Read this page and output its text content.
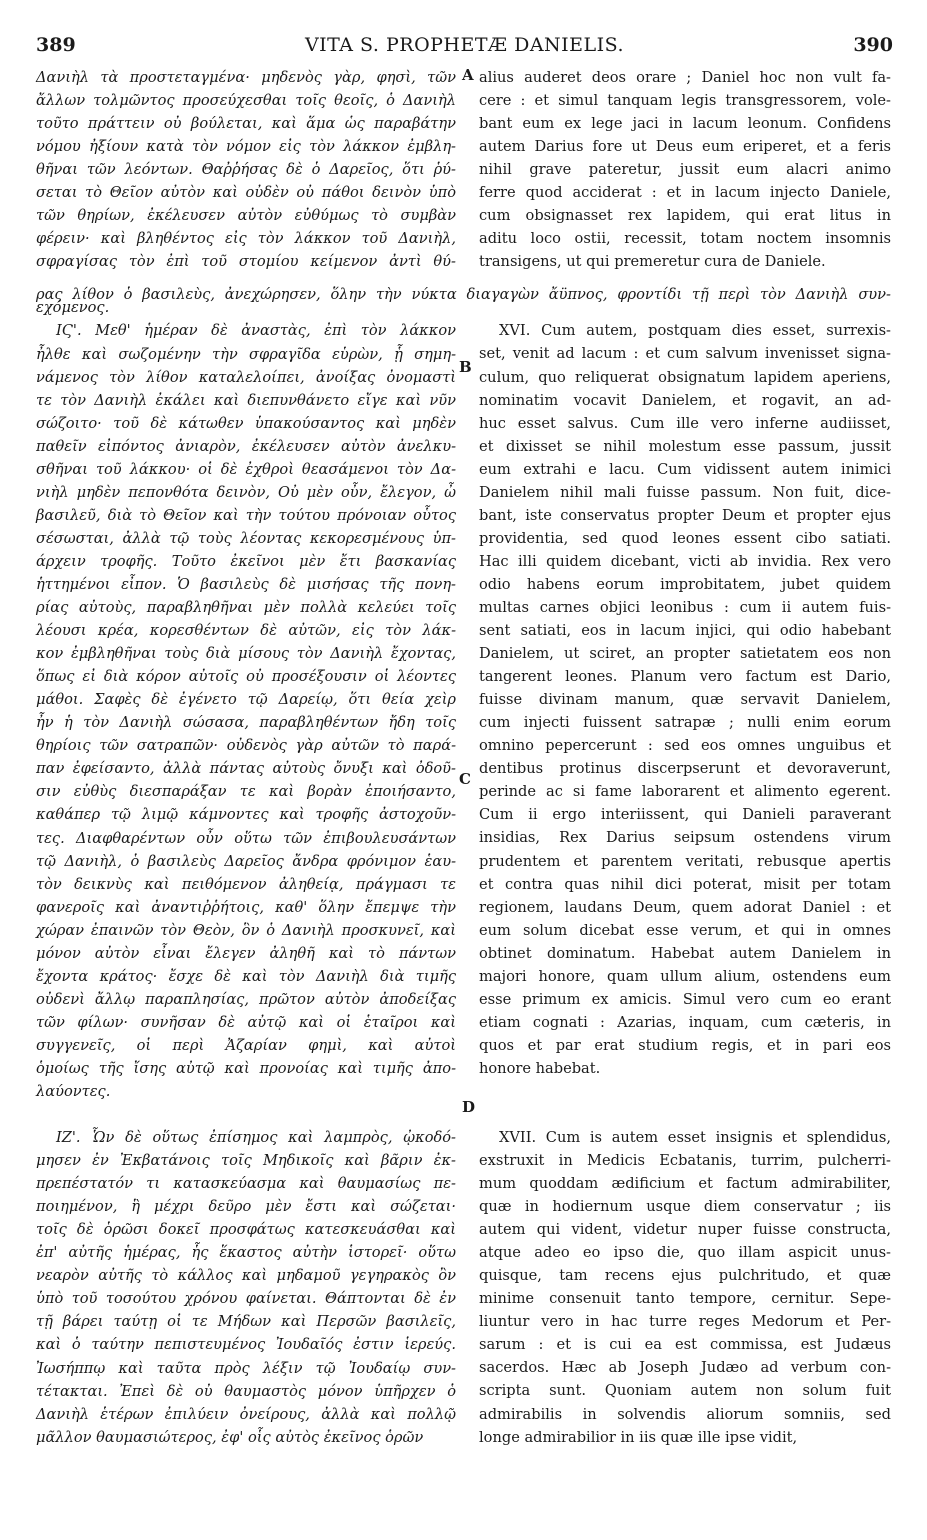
389	VITA S. PROPHETÆ DANIELIS.	390
Δανιὴλ τὰ προστεταγμένα· μηδενὸς γὰρ, φησὶ, τῶν
ἄλλων τολμῶντος προσεύχεσθαι τοῖς θεοῖς, ὁ Δανιὴλ
τοῦτο πράττειν οὐ βούλεται, καὶ ἅμα ὡς παραβάτην
νόμου ἠξίουν κατὰ τὸν νόμον εἰς τὸν λάκκον ἐμβλη-
θῆναι τῶν λεόντων. Θαῤῥήσας δὲ ὁ Δαρεῖος, ὅτι ῥύ-
σεται τὸ Θεῖον αὐτὸν καὶ οὐδὲν οὐ πάθοι δεινὸν ὑπὸ
τῶν θηρίων, ἐκέλευσεν αὐτὸν εὐθύμως τὸ συμβὰν
φέρειν· καὶ βληθέντος εἰς τὸν λάκκον τοῦ Δανιὴλ,
σφραγίσας τὸν ἐπὶ τοῦ στομίου κείμενον ἀντὶ θύ-
εχόμενος.
ΙϚ'. Μεθ' ἡμέραν δὲ ἀναστὰς, ἐπὶ τὸν λάκκον
ἦλθε καὶ σωζομένην τὴν σφραγῖδα εὑρὼν, ᾗ σημη-
νάμενος τὸν λίθον καταλελοίπει, ἀνοίξας ὀνομαστὶ
τε τὸν Δανιὴλ ἐκάλει καὶ διεπυνθάνετο εἴγε καὶ νῦν
σώζοιτο· τοῦ δὲ κάτωθεν ὑπακούσαντος καὶ μηδὲν
παθεῖν εἰπόντος ἀνιαρὸν, ἐκέλευσεν αὐτὸν ἀνελκυ-
σθῆναι τοῦ λάκκου· οἱ δὲ ἐχθροὶ θεασάμενοι τὸν Δα-
νιὴλ μηδὲν πεπονθότα δεινὸν, Οὐ μὲν οὖν, ἔλεγον, ὦ
βασιλεῦ, διὰ τὸ Θεῖον καὶ τὴν τούτου πρόνοιαν οὗτος
σέσωσται, ἀλλὰ τῷ τοὺς λέοντας κεκορεσμένους ὑπ-
άρχειν τροφῆς. Τοῦτο ἐκεῖνοι μὲν ἔτι βασκανίας
ἡττημένοι εἶπον. Ὁ βασιλεὺς δὲ μισήσας τῆς πονη-
ρίας αὐτοὺς, παραβληθῆναι μὲν πολλὰ κελεύει τοῖς
λέουσι κρέα, κορεσθέντων δὲ αὐτῶν, εἰς τὸν λάκ-
κον ἐμβληθῆναι τοὺς διὰ μίσους τὸν Δανιὴλ ἔχοντας,
ὅπως εἰ διὰ κόρον αὐτοῖς οὐ προσέξουσιν οἱ λέοντες
μάθοι. Σαφὲς δὲ ἐγένετο τῷ Δαρείῳ, ὅτι θεία χεὶρ
ἦν ἡ τὸν Δανιὴλ σώσασα, παραβληθέντων ἤδη τοῖς
θηρίοις τῶν σατραπῶν· οὐδενὸς γὰρ αὐτῶν τὸ παρά-
παν ἐφείσαντο, ἀλλὰ πάντας αὐτοὺς ὄνυξι καὶ ὀδοῦ-
σιν εὐθὺς διεσπαράξαν τε καὶ βορὰν ἐποιήσαντο,
καθάπερ τῷ λιμῷ κάμνοντες καὶ τροφῆς ἀστοχοῦν-
τες. Διαφθαρέντων οὖν οὕτω τῶν ἐπιβουλευσάντων
τῷ Δανιὴλ, ὁ βασιλεὺς Δαρεῖος ἄνδρα φρόνιμον ἑαυ-
τὸν δεικνὺς καὶ πειθόμενον ἀληθείᾳ, πράγμασι τε
φανεροῖς καὶ ἀναντιῤῥήτοις, καθ' ὅλην ἔπεμψε τὴν
χώραν ἐπαινῶν τὸν Θεὸν, ὃν ὁ Δανιὴλ προσκυνεῖ, καὶ
μόνον αὐτὸν εἶναι ἔλεγεν ἀληθῆ καὶ τὸ πάντων
ἔχοντα κράτος· ἔσχε δὲ καὶ τὸν Δανιὴλ διὰ τιμῆς
οὐδενὶ ἄλλῳ παραπλησίας, πρῶτον αὐτὸν ἀποδείξας
τῶν φίλων· συνῆσαν δὲ αὐτῷ καὶ οἱ ἑταῖροι καὶ
συγγενεῖς, οἱ περὶ Ἀζαρίαν φημὶ, καὶ αὐτοὶ
ὁμοίως τῆς ἴσης αὐτῷ καὶ προνοίας καὶ τιμῆς ἀπο-
λαύοντες.
ΙΖ'. Ὧν δὲ οὕτως ἐπίσημος καὶ λαμπρὸς, ᾠκοδό-
μησεν ἐν Ἐκβατάνοις τοῖς Μηδικοῖς καὶ βᾶριν ἐκ-
πρεπέστατόν τι κατασκεύασμα καὶ θαυμασίως πε-
ποιημένον, ἣ μέχρι δεῦρο μὲν ἔστι καὶ σώζεται·
τοῖς δὲ ὁρῶσι δοκεῖ προσφάτως κατεσκευάσθαι καὶ
ἐπ' αὐτῆς ἡμέρας, ἧς ἕκαστος αὐτὴν ἱστορεῖ· οὕτω
νεαρὸν αὐτῆς τὸ κάλλος καὶ μηδαμοῦ γεγηρακὸς ὂν
ὑπὸ τοῦ τοσούτου χρόνου φαίνεται. Θάπτονται δὲ ἐν
τῇ βάρει ταύτῃ οἱ τε Μήδων καὶ Περσῶν βασιλεῖς,
καὶ ὁ ταύτην πεπιστευμένος Ἰουδαῖός ἐστιν ἱερεύς.
Ἰωσήππῳ καὶ ταῦτα πρὸς λέξιν τῷ Ἰουδαίῳ συν-
τέτακται. Ἐπεὶ δὲ οὐ θαυμαστὸς μόνον ὑπῆρχεν ὁ
Δανιὴλ ἑτέρων ἐπιλύειν ὀνείρους, ἀλλὰ καὶ πολλῷ
μᾶλλον θαυμασιώτερος, ἐφ' οἷς αὐτὸς ἐκεῖνος ὁρῶν
ρας λίθον ὁ βασιλεὺς, ἀνεχώρησεν, ὅλην τὴν νύκτα διαγαγὼν ἄϋπνος, φροντίδι τῇ περὶ τὸν Δανιὴλ συν-
alius auderet deos orare ; Daniel hoc non vult fa-
cere : et simul tanquam legis transgressorem, vole-
bant eum ex lege jaci in lacum leonum. Confidens
autem Darius fore ut Deus eum eriperet, et a feris
nihil grave pateretur, jussit eum alacri animo
ferre quod acciderat : et in lacum injecto Daniele,
cum obsignasset rex lapidem, qui erat litus in
aditu loco ostii, recessit, totam noctem insomnis
transigens, ut qui premeretur cura de Daniele.
XVI. Cum autem, postquam dies esset, surrexis-
set, venit ad lacum : et cum salvum invenisset signa-
culum, quo reliquerat obsignatum lapidem aperiens,
nominatim vocavit Danielem, et rogavit, an ad-
huc esset salvus. Cum ille vero inferne audiisset,
et dixisset se nihil molestum esse passum, jussit
eum extrahi e lacu. Cum vidissent autem inimici
Danielem nihil mali fuisse passum. Non fuit, dice-
bant, iste conservatus propter Deum et propter ejus
providentia, sed quod leones essent cibo satiati.
Hac illi quidem dicebant, victi ab invidia. Rex vero
odio habens eorum improbitatem, jubet quidem
multas carnes objici leonibus : cum ii autem fuis-
sent satiati, eos in lacum injici, qui odio habebant
Danielem, ut sciret, an propter satietatem eos non
tangerent leones. Planum vero factum est Dario,
fuisse divinam manum, quæ servavit Danielem,
cum injecti fuissent satrapæ ; nulli enim eorum
omnino pepercerunt : sed eos omnes unguibus et
dentibus protinus discerpserunt et devoraverunt,
perinde ac si fame laborarent et alimento egerent.
Cum ii ergo interiissent, qui Danieli paraverant
insidias, Rex Darius seipsum ostendens virum
prudentem et parentem veritati, rebusque apertis
et contra quas nihil dici poterat, misit per totam
regionem, laudans Deum, quem adorat Daniel : et
eum solum dicebat esse verum, et qui in omnes
obtinet dominatum. Habebat autem Danielem in
majori honore, quam ullum alium, ostendens eum
esse primum ex amicis. Simul vero cum eo erant
etiam cognati : Azarias, inquam, cum cæteris, in
quos et par erat studium regis, et in pari eos
honore habebat.
XVII. Cum is autem esset insignis et splendidus,
exstruxit in Medicis Ecbatanis, turrim, pulcherri-
mum quoddam ædificium et factum admirabiliter,
quæ in hodiernum usque diem conservatur ; iis
autem qui vident, videtur nuper fuisse constructa,
atque adeo eo ipso die, quo illam aspicit unus-
quisque, tam recens ejus pulchritudo, et quæ
minime consenuit tanto tempore, cernitur. Sepe-
liuntur vero in hac turre reges Medorum et Per-
sarum : et is cui ea est commissa, est Judæus
sacerdos. Hæc ab Joseph Judæo ad verbum con-
scripta sunt. Quoniam autem non solum fuit
admirabilis in solvendis aliorum somniis, sed
longe admirabilior in iis quæ ille ipse vidit,
A
B
C
D
